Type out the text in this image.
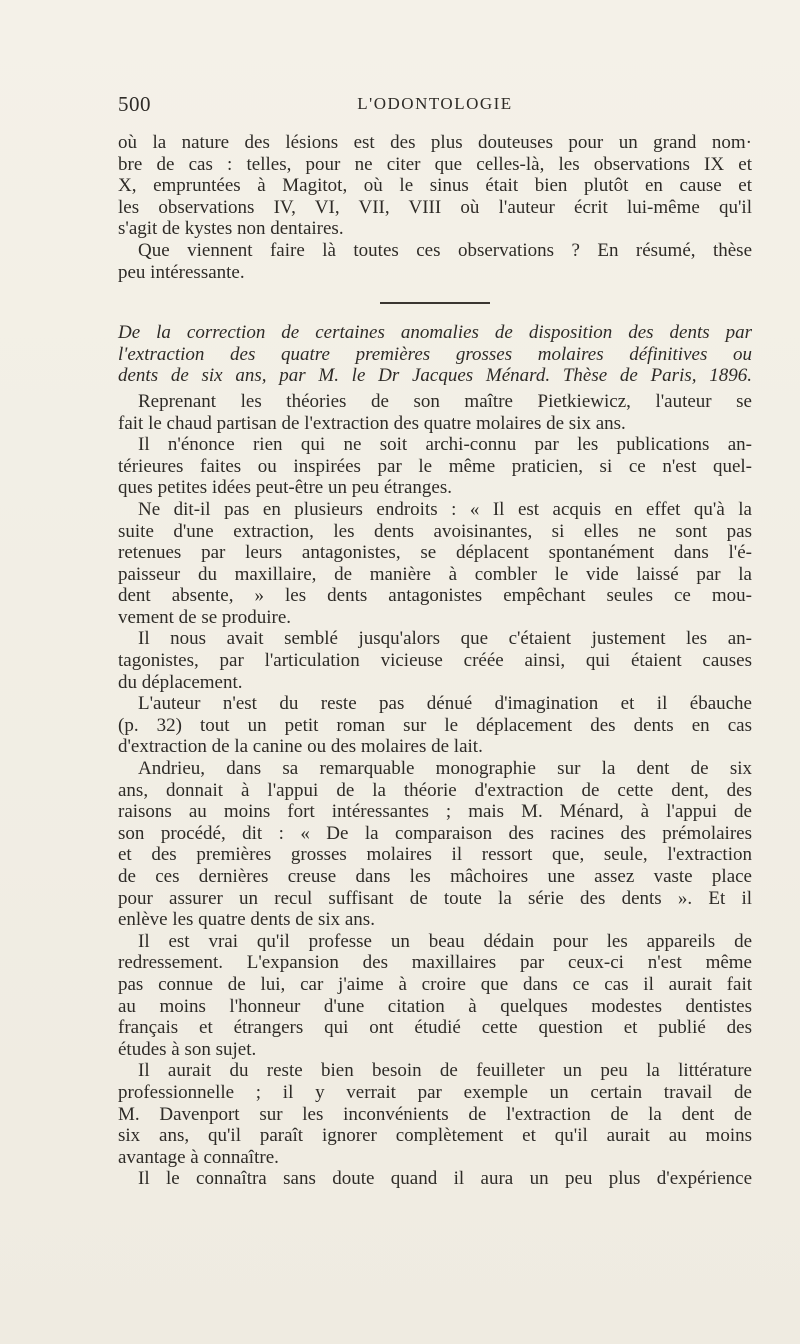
500	L'ODONTOLOGIE
où la nature des lésions est des plus douteuses pour un grand nom·
bre de cas : telles, pour ne citer que celles-là, les observations IX et
X, empruntées à Magitot, où le sinus était bien plutôt en cause et
les observations IV, VI, VII, VIII où l'auteur écrit lui-même qu'il
s'agit de kystes non dentaires.
Que viennent faire là toutes ces observations ? En résumé, thèse
peu intéressante.
De la correction de certaines anomalies de disposition des dents par
l'extraction des quatre premières grosses molaires définitives ou
dents de six ans, par M. le Dr Jacques Ménard. Thèse de Paris, 1896.
Reprenant les théories de son maître Pietkiewicz, l'auteur se
fait le chaud partisan de l'extraction des quatre molaires de six ans.
Il n'énonce rien qui ne soit archi-connu par les publications an-
térieures faites ou inspirées par le même praticien, si ce n'est quel-
ques petites idées peut-être un peu étranges.
Ne dit-il pas en plusieurs endroits : « Il est acquis en effet qu'à la
suite d'une extraction, les dents avoisinantes, si elles ne sont pas
retenues par leurs antagonistes, se déplacent spontanément dans l'é-
paisseur du maxillaire, de manière à combler le vide laissé par la
dent absente, » les dents antagonistes empêchant seules ce mou-
vement de se produire.
Il nous avait semblé jusqu'alors que c'étaient justement les an-
tagonistes, par l'articulation vicieuse créée ainsi, qui étaient causes
du déplacement.
L'auteur n'est du reste pas dénué d'imagination et il ébauche
(p. 32) tout un petit roman sur le déplacement des dents en cas
d'extraction de la canine ou des molaires de lait.
Andrieu, dans sa remarquable monographie sur la dent de six
ans, donnait à l'appui de la théorie d'extraction de cette dent, des
raisons au moins fort intéressantes ; mais M. Ménard, à l'appui de
son procédé, dit : « De la comparaison des racines des prémolaires
et des premières grosses molaires il ressort que, seule, l'extraction
de ces dernières creuse dans les mâchoires une assez vaste place
pour assurer un recul suffisant de toute la série des dents ». Et il
enlève les quatre dents de six ans.
Il est vrai qu'il professe un beau dédain pour les appareils de
redressement. L'expansion des maxillaires par ceux-ci n'est même
pas connue de lui, car j'aime à croire que dans ce cas il aurait fait
au moins l'honneur d'une citation à quelques modestes dentistes
français et étrangers qui ont étudié cette question et publié des
études à son sujet.
Il aurait du reste bien besoin de feuilleter un peu la littérature
professionnelle ; il y verrait par exemple un certain travail de
M. Davenport sur les inconvénients de l'extraction de la dent de
six ans, qu'il paraît ignorer complètement et qu'il aurait au moins
avantage à connaître.
Il le connaîtra sans doute quand il aura un peu plus d'expérience
